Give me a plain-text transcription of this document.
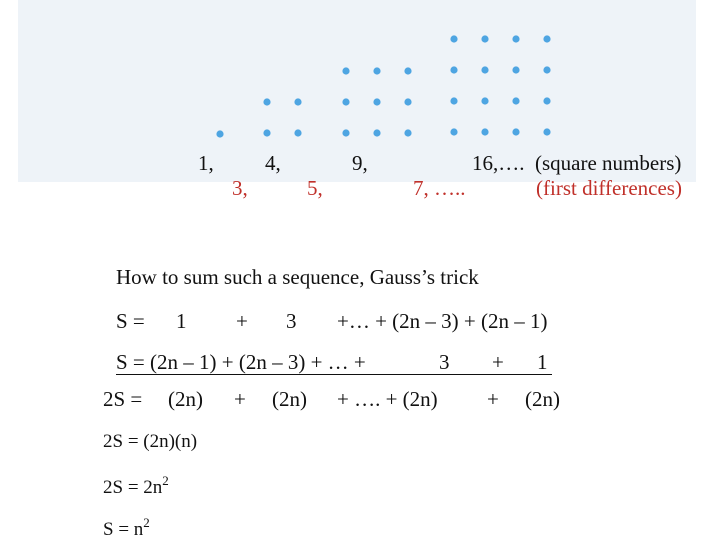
1, 4,	9,	16,…. (square numbers)
3,	5,	7, …..	(first differences)
How to sum such a sequence, Gauss’s trick
S = 1 + 3 +… + (2n – 3) + (2n – 1)
S = (2n – 1) + (2n – 3) + … +	3 + 1
2S = (2n) + (2n) + …. + (2n) + (2n)
2S = (2n)(n)
$2S = 2n^2$
$S = n^2$
